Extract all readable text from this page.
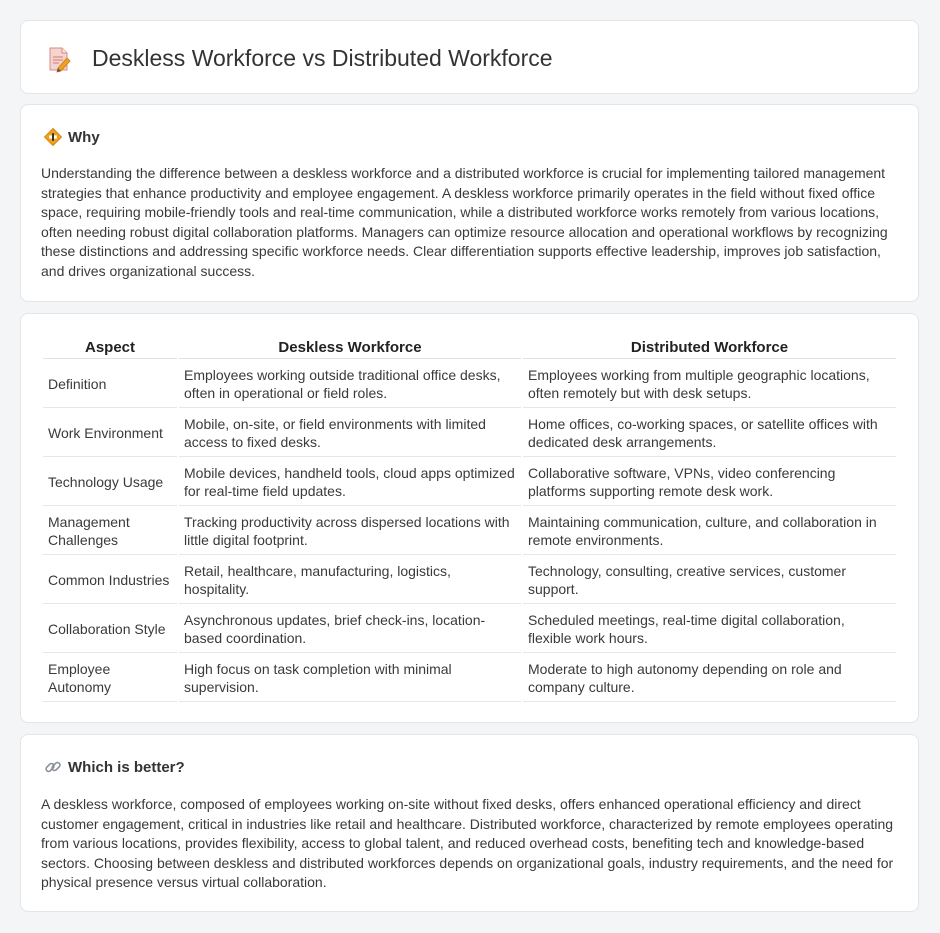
Deskless Workforce vs Distributed Workforce
Why

Understanding the difference between a deskless workforce and a distributed workforce is crucial for implementing tailored management strategies that enhance productivity and employee engagement. A deskless workforce primarily operates in the field without fixed office space, requiring mobile-friendly tools and real-time communication, while a distributed workforce works remotely from various locations, often needing robust digital collaboration platforms. Managers can optimize resource allocation and operational workflows by recognizing these distinctions and addressing specific workforce needs. Clear differentiation supports effective leadership, improves job satisfaction, and drives organizational success.

Aspect	Deskless Workforce	Distributed Workforce
Definition	Employees working outside traditional office desks, often in operational or field roles.	Employees working from multiple geographic locations, often remotely but with desk setups.
Work Environment	Mobile, on-site, or field environments with limited access to fixed desks.	Home offices, co-working spaces, or satellite offices with dedicated desk arrangements.
Technology Usage	Mobile devices, handheld tools, cloud apps optimized for real-time field updates.	Collaborative software, VPNs, video conferencing platforms supporting remote desk work.
Management Challenges	Tracking productivity across dispersed locations with little digital footprint.	Maintaining communication, culture, and collaboration in remote environments.
Common Industries	Retail, healthcare, manufacturing, logistics, hospitality.	Technology, consulting, creative services, customer support.
Collaboration Style	Asynchronous updates, brief check-ins, location-based coordination.	Scheduled meetings, real-time digital collaboration, flexible work hours.
Employee Autonomy	High focus on task completion with minimal supervision.	Moderate to high autonomy depending on role and company culture.
Which is better?

A deskless workforce, composed of employees working on-site without fixed desks, offers enhanced operational efficiency and direct customer engagement, critical in industries like retail and healthcare. Distributed workforce, characterized by remote employees operating from various locations, provides flexibility, access to global talent, and reduced overhead costs, benefiting tech and knowledge-based sectors. Choosing between deskless and distributed workforces depends on organizational goals, industry requirements, and the need for physical presence versus virtual collaboration.
